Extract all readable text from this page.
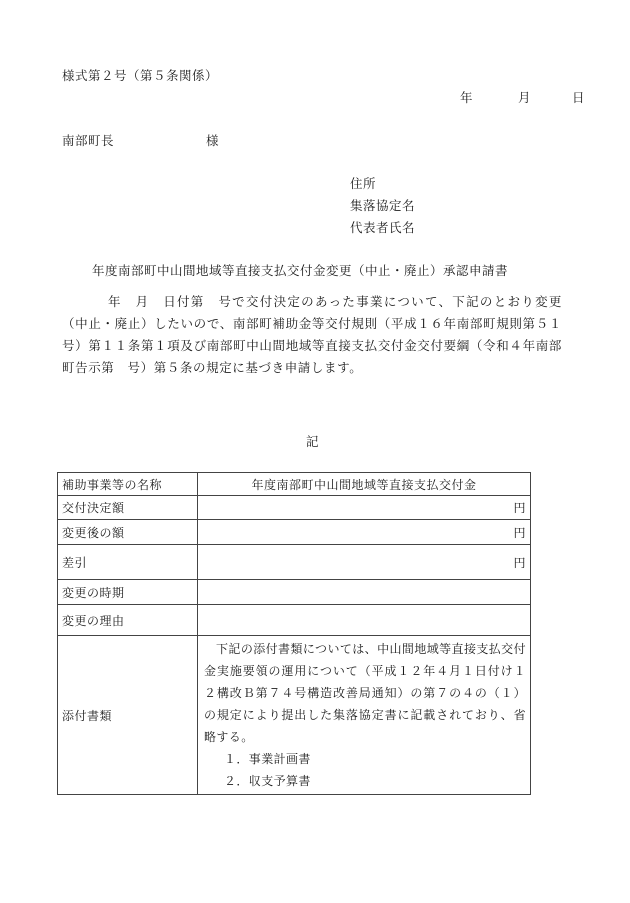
様式第２号（第５条関係）
年	月	日
南部町長	様
住所
集落協定名
代表者氏名
年度南部町中山間地域等直接支払交付金変更（中止・廃止）承認申請書
年　月　日付第　号で交付決定のあった事業について、下記のとおり変更（中止・廃止）したいので、南部町補助金等交付規則（平成１６年南部町規則第５１号）第１１条第１項及び南部町中山間地域等直接支払交付金交付要綱（令和４年南部町告示第　号）第５条の規定に基づき申請します。
記
補助事業等の名称	年度南部町中山間地域等直接支払交付金
交付決定額	円
変更後の額	円
差引	円
変更の時期	
変更の理由	
添付書類	下記の添付書類については、中山間地域等直接支払交付金実施要領の運用について（平成１２年４月１日付け１２構改Ｂ第７４号構造改善局通知）の第７の４の（１）の規定により提出した集落協定書に記載されており、省略する。
１．事業計画書
２．収支予算書
